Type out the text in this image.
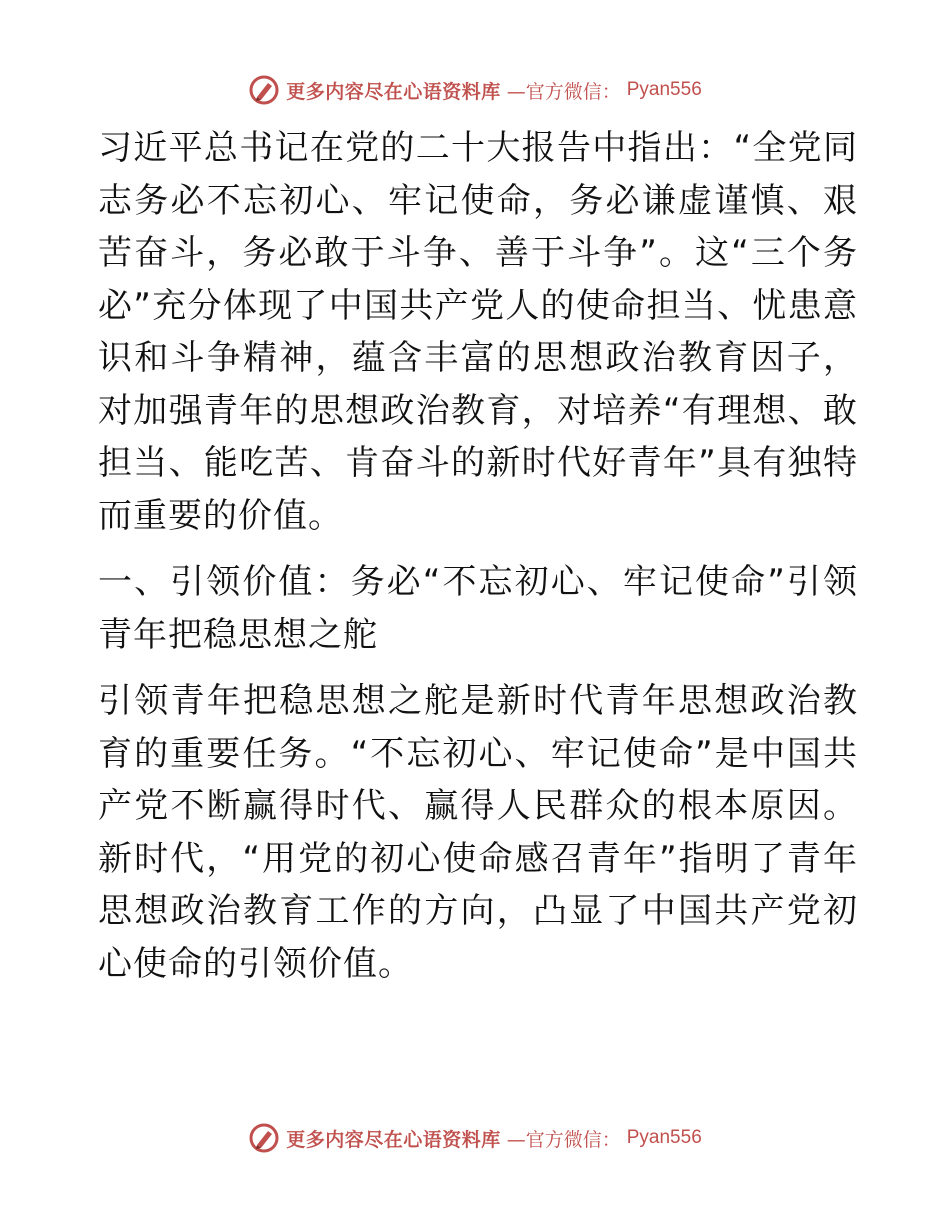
更多内容尽在心语资料库 —官方微信： Pyan556

习近平总书记在党的二十大报告中指出：“全党同志务必不忘初心、牢记使命，务必谦虚谨慎、艰苦奋斗，务必敢于斗争、善于斗争”。这“三个务必”充分体现了中国共产党人的使命担当、忧患意识和斗争精神，蕴含丰富的思想政治教育因子，对加强青年的思想政治教育，对培养“有理想、敢担当、能吃苦、肯奋斗的新时代好青年”具有独特而重要的价值。

一、引领价值：务必“不忘初心、牢记使命”引领青年把稳思想之舵

引领青年把稳思想之舵是新时代青年思想政治教育的重要任务。“不忘初心、牢记使命”是中国共产党不断赢得时代、赢得人民群众的根本原因。新时代，“用党的初心使命感召青年”指明了青年思想政治教育工作的方向，凸显了中国共产党初心使命的引领价值。

更多内容尽在心语资料库 —官方微信： Pyan556
